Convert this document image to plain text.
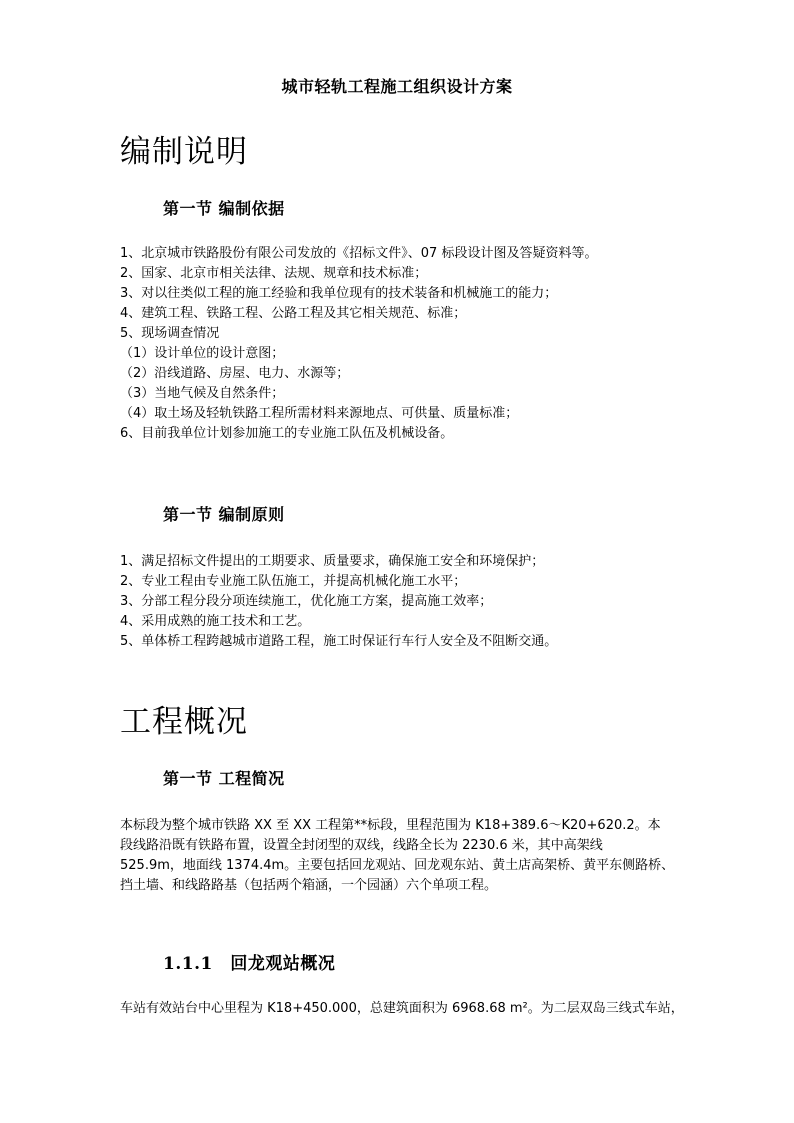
城市轻轨工程施工组织设计方案
编制说明
第一节 编制依据
1、北京城市铁路股份有限公司发放的《招标文件》、07 标段设计图及答疑资料等。
2、国家、北京市相关法律、法规、规章和技术标准；
3、对以往类似工程的施工经验和我单位现有的技术装备和机械施工的能力；
4、建筑工程、铁路工程、公路工程及其它相关规范、标准；
5、现场调查情况
（1）设计单位的设计意图；
（2）沿线道路、房屋、电力、水源等；
（3）当地气候及自然条件；
（4）取土场及轻轨铁路工程所需材料来源地点、可供量、质量标准；
6、目前我单位计划参加施工的专业施工队伍及机械设备。
第一节 编制原则
1、满足招标文件提出的工期要求、质量要求，确保施工安全和环境保护；
2、专业工程由专业施工队伍施工，并提高机械化施工水平；
3、分部工程分段分项连续施工，优化施工方案，提高施工效率；
4、采用成熟的施工技术和工艺。
5、单体桥工程跨越城市道路工程，施工时保证行车行人安全及不阻断交通。
工程概况
第一节 工程简况
本标段为整个城市铁路 XX 至 XX 工程第**标段，里程范围为 K18+389.6～K20+620.2。本
段线路沿既有铁路布置，设置全封闭型的双线，线路全长为 2230.6 米，其中高架线
525.9m，地面线 1374.4m。主要包括回龙观站、回龙观东站、黄土店高架桥、黄平东侧路桥、
挡土墙、和线路路基（包括两个箱涵，一个园涵）六个单项工程。
1.1.1　回龙观站概况
车站有效站台中心里程为 K18+450.000，总建筑面积为 6968.68 m²。为二层双岛三线式车站，
